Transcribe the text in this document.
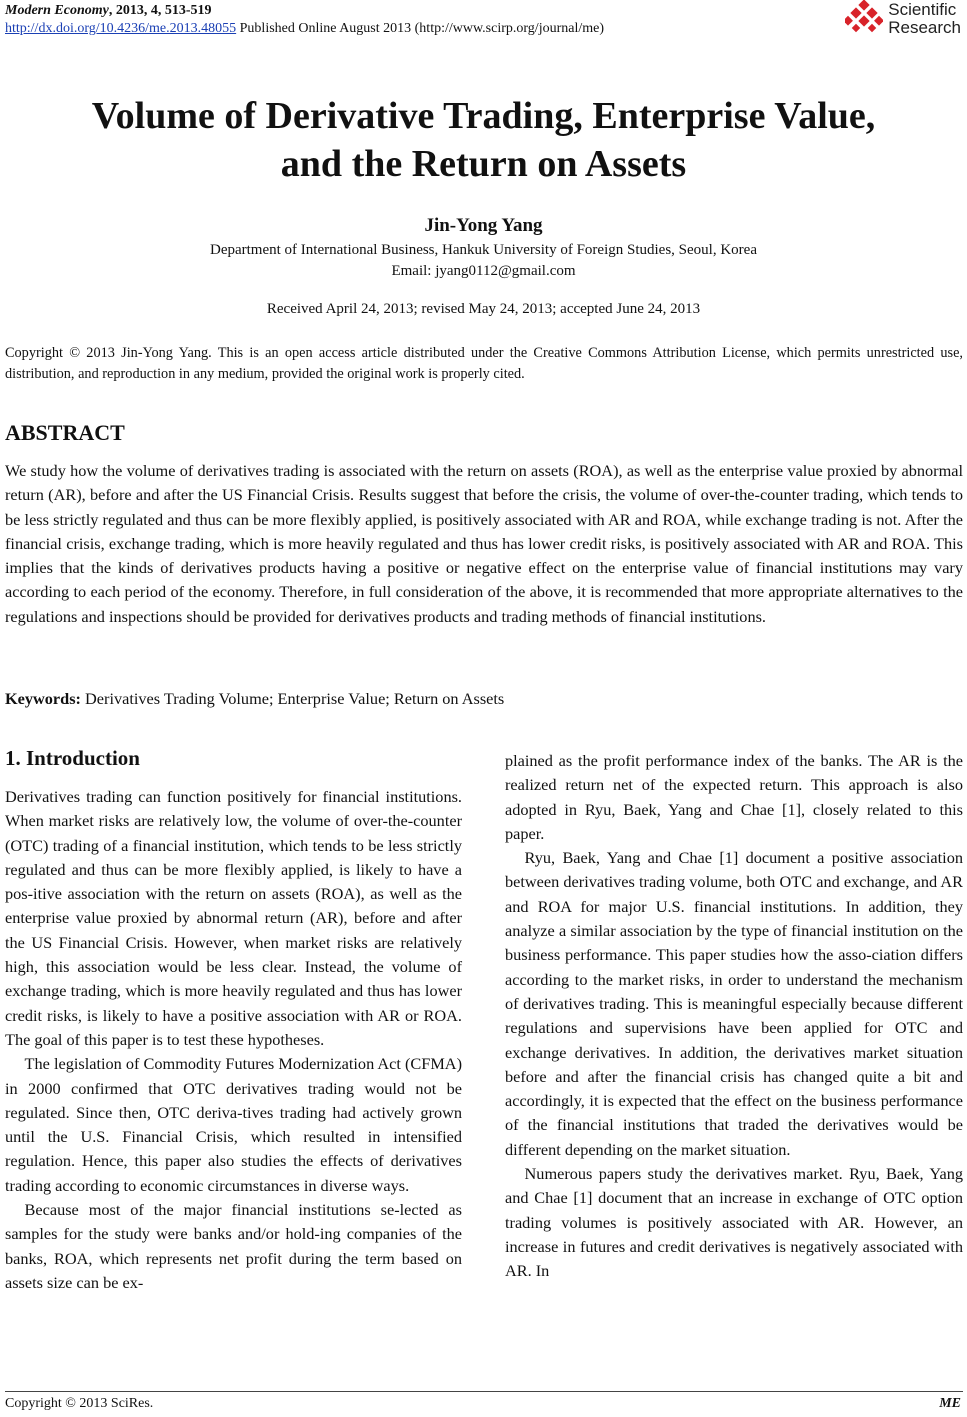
Modern Economy, 2013, 4, 513-519
http://dx.doi.org/10.4236/me.2013.48055 Published Online August 2013 (http://www.scirp.org/journal/me)
Scientific
Research
Volume of Derivative Trading, Enterprise Value,
and the Return on Assets
Jin-Yong Yang
Department of International Business, Hankuk University of Foreign Studies, Seoul, Korea
Email: jyang0112@gmail.com
Received April 24, 2013; revised May 24, 2013; accepted June 24, 2013
Copyright © 2013 Jin-Yong Yang. This is an open access article distributed under the Creative Commons Attribution License, which permits unrestricted use, distribution, and reproduction in any medium, provided the original work is properly cited.
ABSTRACT
We study how the volume of derivatives trading is associated with the return on assets (ROA), as well as the enterprise value proxied by abnormal return (AR), before and after the US Financial Crisis. Results suggest that before the crisis, the volume of over-the-counter trading, which tends to be less strictly regulated and thus can be more flexibly applied, is positively associated with AR and ROA, while exchange trading is not. After the financial crisis, exchange trading, which is more heavily regulated and thus has lower credit risks, is positively associated with AR and ROA. This implies that the kinds of derivatives products having a positive or negative effect on the enterprise value of financial institutions may vary according to each period of the economy. Therefore, in full consideration of the above, it is recommended that more appropriate alternatives to the regulations and inspections should be provided for derivatives products and trading methods of financial institutions.
Keywords: Derivatives Trading Volume; Enterprise Value; Return on Assets
1. Introduction

Derivatives trading can function positively for financial institutions. When market risks are relatively low, the volume of over-the-counter (OTC) trading of a financial institution, which tends to be less strictly regulated and thus can be more flexibly applied, is likely to have a pos-itive association with the return on assets (ROA), as well as the enterprise value proxied by abnormal return (AR), before and after the US Financial Crisis. However, when market risks are relatively high, this association would be less clear. Instead, the volume of exchange trading, which is more heavily regulated and thus has lower credit risks, is likely to have a positive association with AR or ROA. The goal of this paper is to test these hypotheses.

The legislation of Commodity Futures Modernization Act (CFMA) in 2000 confirmed that OTC derivatives trading would not be regulated. Since then, OTC deriva-tives trading had actively grown until the U.S. Financial Crisis, which resulted in intensified regulation. Hence, this paper also studies the effects of derivatives trading according to economic circumstances in diverse ways.

Because most of the major financial institutions se-lected as samples for the study were banks and/or hold-ing companies of the banks, ROA, which represents net profit during the term based on assets size can be ex-

plained as the profit performance index of the banks. The AR is the realized return net of the expected return. This approach is also adopted in Ryu, Baek, Yang and Chae [1], closely related to this paper.

Ryu, Baek, Yang and Chae [1] document a positive association between derivatives trading volume, both OTC and exchange, and AR and ROA for major U.S. financial institutions. In addition, they analyze a similar association by the type of financial institution on the business performance. This paper studies how the asso-ciation differs according to the market risks, in order to understand the mechanism of derivatives trading. This is meaningful especially because different regulations and supervisions have been applied for OTC and exchange derivatives. In addition, the derivatives market situation before and after the financial crisis has changed quite a bit and accordingly, it is expected that the effect on the business performance of the financial institutions that traded the derivatives would be different depending on the market situation.

Numerous papers study the derivatives market. Ryu, Baek, Yang and Chae [1] document that an increase in exchange of OTC option trading volumes is positively associated with AR. However, an increase in futures and credit derivatives is negatively associated with AR. In

Copyright © 2013 SciRes.	ME
